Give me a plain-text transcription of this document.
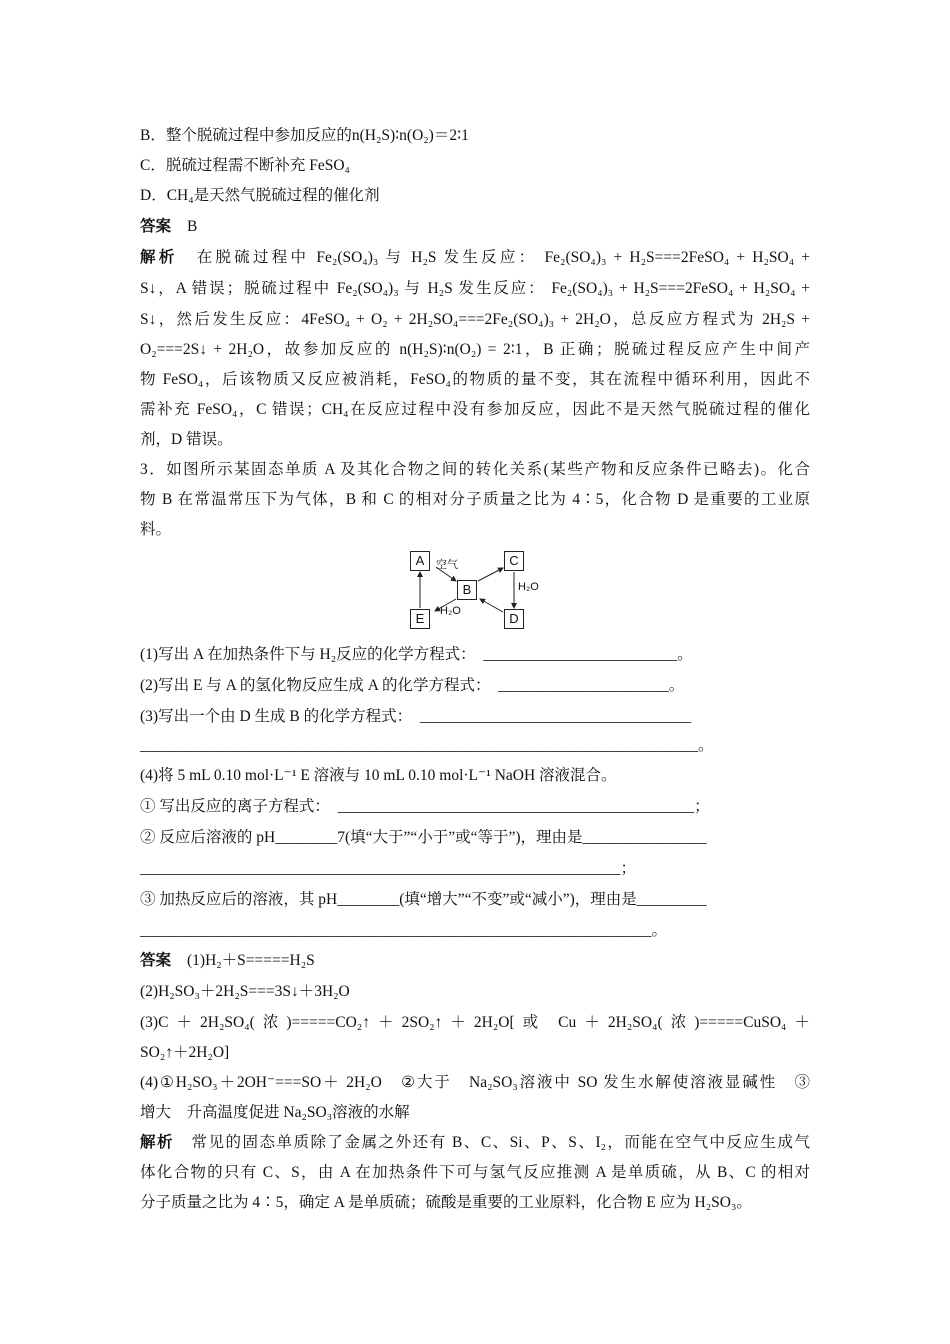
B．整个脱硫过程中参加反应的n(H₂S)∶n(O₂)＝2∶1
C．脱硫过程需不断补充 FeSO₄
D．CH₄是天然气脱硫过程的催化剂
答案 B
解析 在脱硫过程中 Fe₂(SO₄)₃ 与 H₂S 发生反应： Fe₂(SO₄)₃ + H₂S===2FeSO₄ + H₂SO₄ +
S↓，A 错误；脱硫过程中 Fe₂(SO₄)₃ 与 H₂S 发生反应： Fe₂(SO₄)₃ + H₂S===2FeSO₄ + H₂SO₄ +
S↓，然后发生反应：4FeSO₄ + O₂ + 2H₂SO₄===2Fe₂(SO₄)₃ + 2H₂O，总反应方程式为 2H₂S +
O₂===2S↓ + 2H₂O，故参加反应的 n(H₂S)∶n(O₂) = 2∶1，B 正确；脱硫过程反应产生中间产
物 FeSO₄，后该物质又反应被消耗，FeSO₄的物质的量不变，其在流程中循环利用，因此不
需补充 FeSO₄，C 错误；CH₄在反应过程中没有参加反应，因此不是天然气脱硫过程的催化
剂，D 错误。
3．如图所示某固态单质 A 及其化合物之间的转化关系(某些产物和反应条件已略去)。化合
物 B 在常温常压下为气体，B 和 C 的相对分子质量之比为 4∶5，化合物 D 是重要的工业原
料。
A
B
C
D
E
空气
H₂O
H₂O
(1)写出 A 在加热条件下与 H₂反应的化学方程式：　_________________________。
(2)写出 E 与 A 的氢化物反应生成 A 的化学方程式：　______________________。
(3)写出一个由 D 生成 B 的化学方程式：　___________________________________
________________________________________________________________________。
(4)将 5 mL 0.10 mol·L⁻¹ E 溶液与 10 mL 0.10 mol·L⁻¹ NaOH 溶液混合。
① 写出反应的离子方程式：　______________________________________________；
② 反应后溶液的 pH________7(填“大于”“小于”或“等于”)，理由是________________
______________________________________________________________；
③ 加热反应后的溶液，其 pH________(填“增大”“不变”或“减小”)，理由是_________
__________________________________________________________________。
答案 (1)H₂＋S=====H₂S
(2)H₂SO₃＋2H₂S===3S↓＋3H₂O
(3)C＋2H₂SO₄(浓)=====CO₂↑＋2SO₂↑＋2H₂O[或 Cu＋2H₂SO₄(浓)=====CuSO₄＋
SO₂↑＋2H₂O]
(4)①H₂SO₃＋2OH⁻===SO＋ 2H₂O　②大于　Na₂SO₃溶液中 SO 发生水解使溶液显碱性　③
增大　升高温度促进 Na₂SO₃溶液的水解
解析 常见的固态单质除了金属之外还有 B、C、Si、P、S、I₂，而能在空气中反应生成气
体化合物的只有 C、S，由 A 在加热条件下可与氢气反应推测 A 是单质硫，从 B、C 的相对
分子质量之比为 4∶5，确定 A 是单质硫；硫酸是重要的工业原料，化合物 E 应为 H₂SO₃。
